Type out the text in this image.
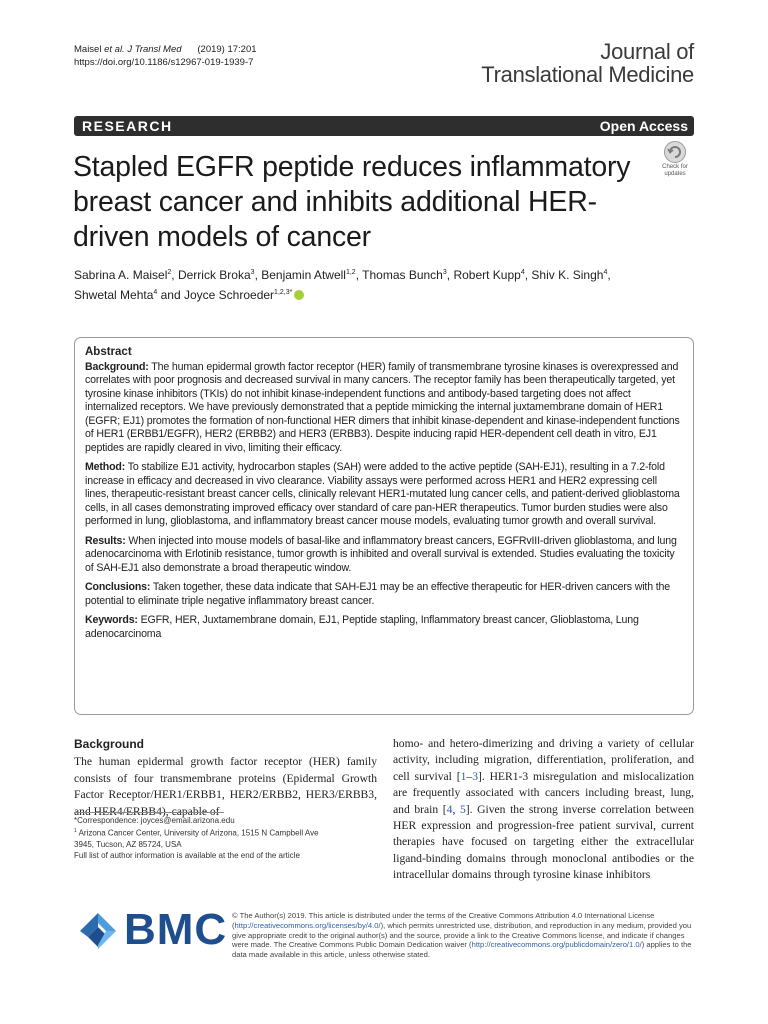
Maisel et al. J Transl Med (2019) 17:201
https://doi.org/10.1186/s12967-019-1939-7	Journal of
Translational Medicine
RESEARCH	Open Access
Stapled EGFR peptide reduces inflammatory breast cancer and inhibits additional HER-driven models of cancer
Check for
updates
Sabrina A. Maisel$^2$, Derrick Broka$^3$, Benjamin Atwell$^{1,2}$, Thomas Bunch$^3$, Robert Kupp$^4$, Shiv K. Singh$^4$,
Shwetal Mehta$^4$ and Joyce Schroeder$^{1,2,3*}$
Abstract

Background: The human epidermal growth factor receptor (HER) family of transmembrane tyrosine kinases is overexpressed and correlates with poor prognosis and decreased survival in many cancers. The receptor family has been therapeutically targeted, yet tyrosine kinase inhibitors (TKIs) do not inhibit kinase-independent functions and antibody-based targeting does not affect internalized receptors. We have previously demonstrated that a peptide mimicking the internal juxtamembrane domain of HER1 (EGFR; EJ1) promotes the formation of non-functional HER dimers that inhibit kinase-dependent and kinase-independent functions of HER1 (ERBB1/EGFR), HER2 (ERBB2) and HER3 (ERBB3). Despite inducing rapid HER-dependent cell death in vitro, EJ1 peptides are rapidly cleared in vivo, limiting their efficacy.

Method: To stabilize EJ1 activity, hydrocarbon staples (SAH) were added to the active peptide (SAH-EJ1), resulting in a 7.2-fold increase in efficacy and decreased in vivo clearance. Viability assays were performed across HER1 and HER2 expressing cell lines, therapeutic-resistant breast cancer cells, clinically relevant HER1-mutated lung cancer cells, and patient-derived glioblastoma cells, in all cases demonstrating improved efficacy over standard of care pan-HER therapeutics. Tumor burden studies were also performed in lung, glioblastoma, and inflammatory breast cancer mouse models, evaluating tumor growth and overall survival.

Results: When injected into mouse models of basal-like and inflammatory breast cancers, EGFRvIII-driven glioblastoma, and lung adenocarcinoma with Erlotinib resistance, tumor growth is inhibited and overall survival is extended. Studies evaluating the toxicity of SAH-EJ1 also demonstrate a broad therapeutic window.

Conclusions: Taken together, these data indicate that SAH-EJ1 may be an effective therapeutic for HER-driven cancers with the potential to eliminate triple negative inflammatory breast cancer.

Keywords: EGFR, HER, Juxtamembrane domain, EJ1, Peptide stapling, Inflammatory breast cancer, Glioblastoma, Lung adenocarcinoma

Background

The human epidermal growth factor receptor (HER) family consists of four transmembrane proteins (Epidermal Growth Factor Receptor/HER1/ERBB1, HER2/ERBB2, HER3/ERBB3, and HER4/ERBB4), capable of

homo- and hetero-dimerizing and driving a variety of cellular activity, including migration, differentiation, proliferation, and cell survival [1–3]. HER1-3 misregulation and mislocalization are frequently associated with cancers including breast, lung, and brain [4, 5]. Given the strong inverse correlation between HER expression and progression-free patient survival, current therapies have focused on targeting either the extracellular ligand-binding domains through monoclonal antibodies or the intracellular domains through tyrosine kinase inhibitors

*Correspondence: joyces@email.arizona.edu

$^1$ Arizona Cancer Center, University of Arizona, 1515 N Campbell Ave

3945, Tucson, AZ 85724, USA

Full list of author information is available at the end of the article

BMC © The Author(s) 2019. This article is distributed under the terms of the Creative Commons Attribution 4.0 International License (http://creativecommons.org/licenses/by/4.0/), which permits unrestricted use, distribution, and reproduction in any medium, provided you give appropriate credit to the original author(s) and the source, provide a link to the Creative Commons license, and indicate if changes were made. The Creative Commons Public Domain Dedication waiver (http://creativecommons.org/publicdomain/zero/1.0/) applies to the data made available in this article, unless otherwise stated.
